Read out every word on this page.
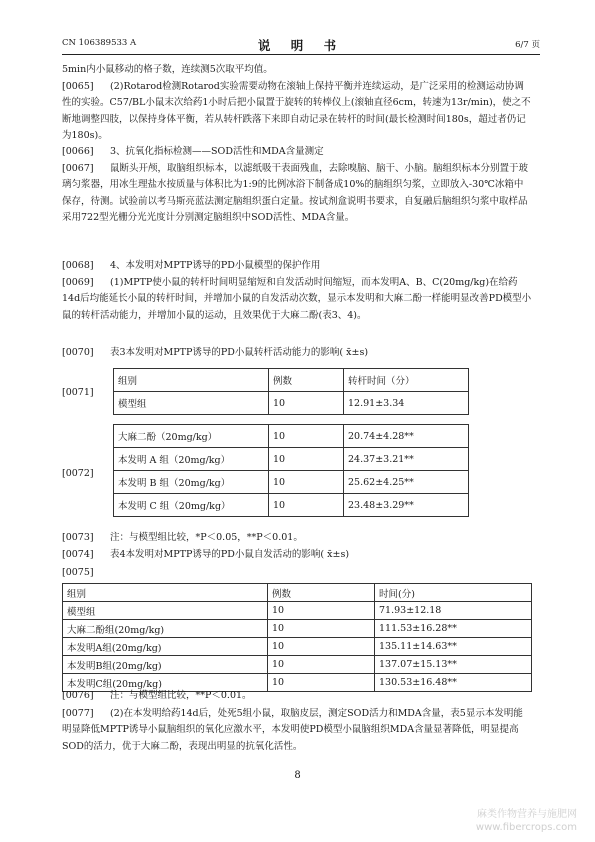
CN 106389533 A	说 明 书	6/7 页

5min内小鼠移动的格子数，连续测5次取平均值。

[0065] (2)Rotarod检测Rotarod实验需要动物在滚轴上保持平衡并连续运动，是广泛采用的检测运动协调性的实验。C57/BL小鼠末次给药1小时后把小鼠置于旋转的转棒仪上(滚轴直径6cm，转速为13r/min)，使之不断地调整四肢，以保持身体平衡，若从转杆跌落下来即自动记录在转杆的时间(最长检测时间180s，超过者仍记为180s)。

[0066] 3、抗氧化指标检测——SOD活性和MDA含量测定

[0067] 鼠断头开颅，取脑组织标本，以滤纸吸干表面残血，去除嗅脑、脑干、小脑。脑组织标本分别置于玻璃匀浆器，用冰生理盐水按质量与体积比为1:9的比例冰浴下制备成10%的脑组织匀浆，立即放入-30℃冰箱中保存，待测。试验前以考马斯亮蓝法测定脑组织蛋白定量。按试剂盒说明书要求，自复融后脑组织匀浆中取样品采用722型光栅分光光度计分别测定脑组织中SOD活性、MDA含量。

[0068] 4、本发明对MPTP诱导的PD小鼠模型的保护作用

[0069] (1)MPTP使小鼠的转杆时间明显缩短和自发活动时间缩短，而本发明A、B、C(20mg/kg)在给药14d后均能延长小鼠的转杆时间，并增加小鼠的自发活动次数，显示本发明和大麻二酚一样能明显改善PD模型小鼠的转杆活动能力，并增加小鼠的运动，且效果优于大麻二酚(表3、4)。

[0070] 表3本发明对MPTP诱导的PD小鼠转杆活动能力的影响( x̄±s)

[0071]
组别	例数	转杆时间（分）
模型组	10	12.91±3.34
[0072]
大麻二酚（20mg/kg）	10	20.74±4.28**
本发明 A 组（20mg/kg）	10	24.37±3.21**
本发明 B 组（20mg/kg）	10	25.62±4.25**
本发明 C 组（20mg/kg）	10	23.48±3.29**

[0073] 注：与模型组比较，*P＜0.05，**P＜0.01。

[0074] 表4本发明对MPTP诱导的PD小鼠自发活动的影响( x̄±s)

[0075]

组别	例数	时间(分)
模型组	10	71.93±12.18
大麻二酚组(20mg/kg)	10	111.53±16.28**
本发明A组(20mg/kg)	10	135.11±14.63**
本发明B组(20mg/kg)	10	137.07±15.13**
本发明C组(20mg/kg)	10	130.53±16.48**

[0076] 注：与模型组比较，**P＜0.01。

[0077] (2)在本发明给药14d后，处死5组小鼠，取脑皮层，测定SOD活力和MDA含量，表5显示本发明能明显降低MPTP诱导小鼠脑组织的氧化应激水平，本发明使PD模型小鼠脑组织MDA含量显著降低，明显提高SOD的活力，优于大麻二酚，表现出明显的抗氧化活性。

8
麻类作物营养与施肥网
www.fibercrops.com
